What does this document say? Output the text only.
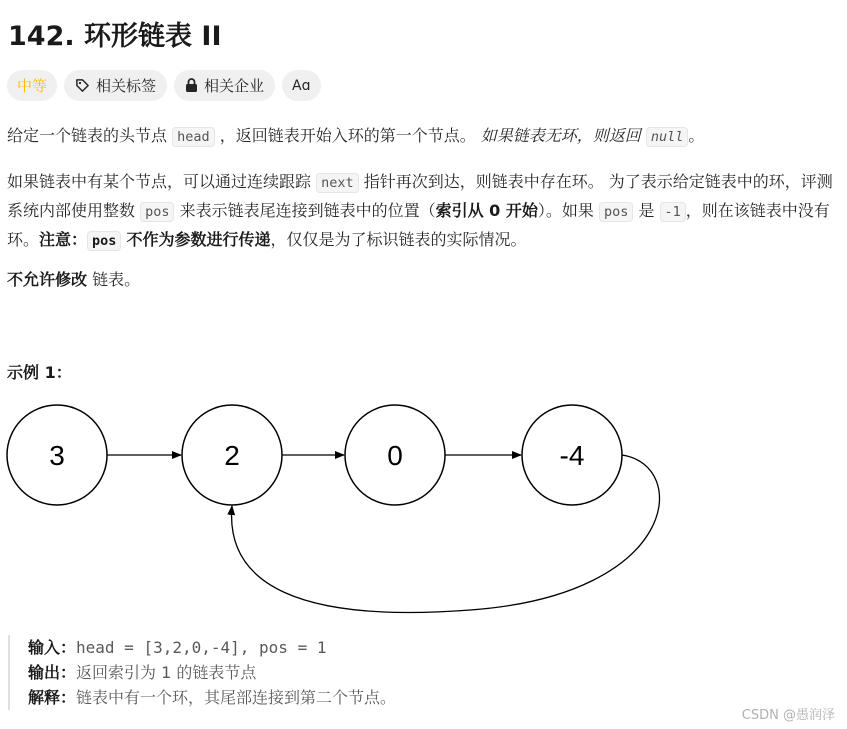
142. 环形链表 II
中等	相关标签	相关企业 Aɑ

给定一个链表的头节点 head ，返回链表开始入环的第一个节点。 如果链表无环，则返回 null 。

如果链表中有某个节点，可以通过连续跟踪 next 指针再次到达，则链表中存在环。 为了表示给定链表中的环，评测系统内部使用整数 pos 来表示链表尾连接到链表中的位置（索引从 0 开始）。如果 pos 是 -1 ，则在该链表中没有环。注意： pos 不作为参数进行传递，仅仅是为了标识链表的实际情况。

不允许修改 链表。

示例 1：
3	2	0	-4
输入：head = [3,2,0,-4], pos = 1
输出：返回索引为 1 的链表节点
解释：链表中有一个环，其尾部连接到第二个节点。
CSDN @愚润泽
